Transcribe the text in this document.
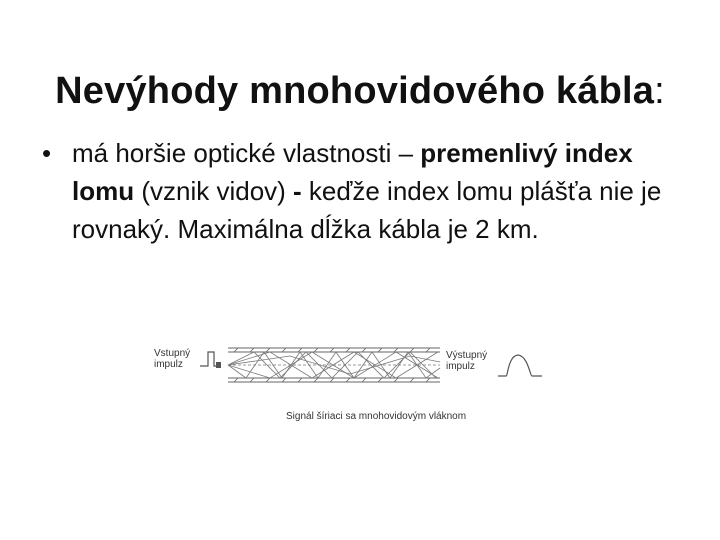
Nevýhody mnohovidového kábla:
• má horšie optické vlastnosti – premenlivý index lomu (vznik vidov) - keďže index lomu plášťa nie je rovnaký. Maximálna dĺžka kábla je 2 km.
Vstupný
impulz
Výstupný
impulz
Signál šíriaci sa mnohovidovým vláknom
